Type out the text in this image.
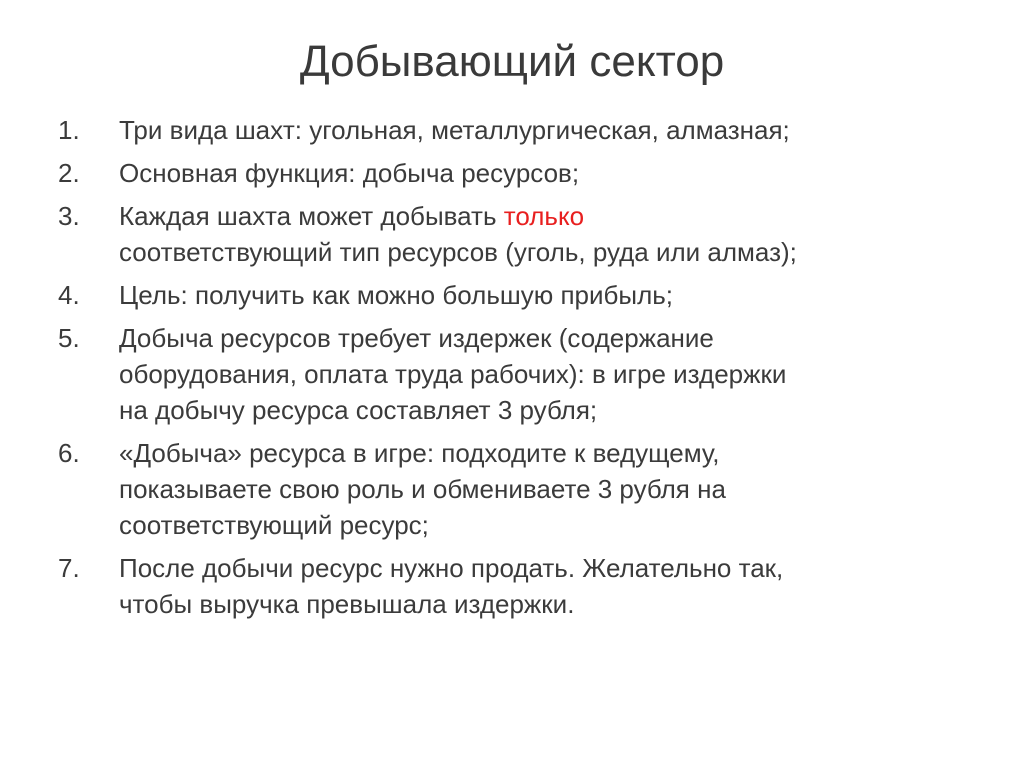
Добывающий сектор
1.	Три вида шахт: угольная, металлургическая, алмазная;
2.	Основная функция: добыча ресурсов;
3.	Каждая шахта может добывать только
соответствующий тип ресурсов (уголь, руда или алмаз);
4.	Цель: получить как можно большую прибыль;
5.	Добыча ресурсов требует издержек (содержание
оборудования, оплата труда рабочих): в игре издержки
на добычу ресурса составляет 3 рубля;
6.	«Добыча» ресурса в игре: подходите к ведущему,
показываете свою роль и обмениваете 3 рубля на
соответствующий ресурс;
7.	После добычи ресурс нужно продать. Желательно так,
чтобы выручка превышала издержки.
